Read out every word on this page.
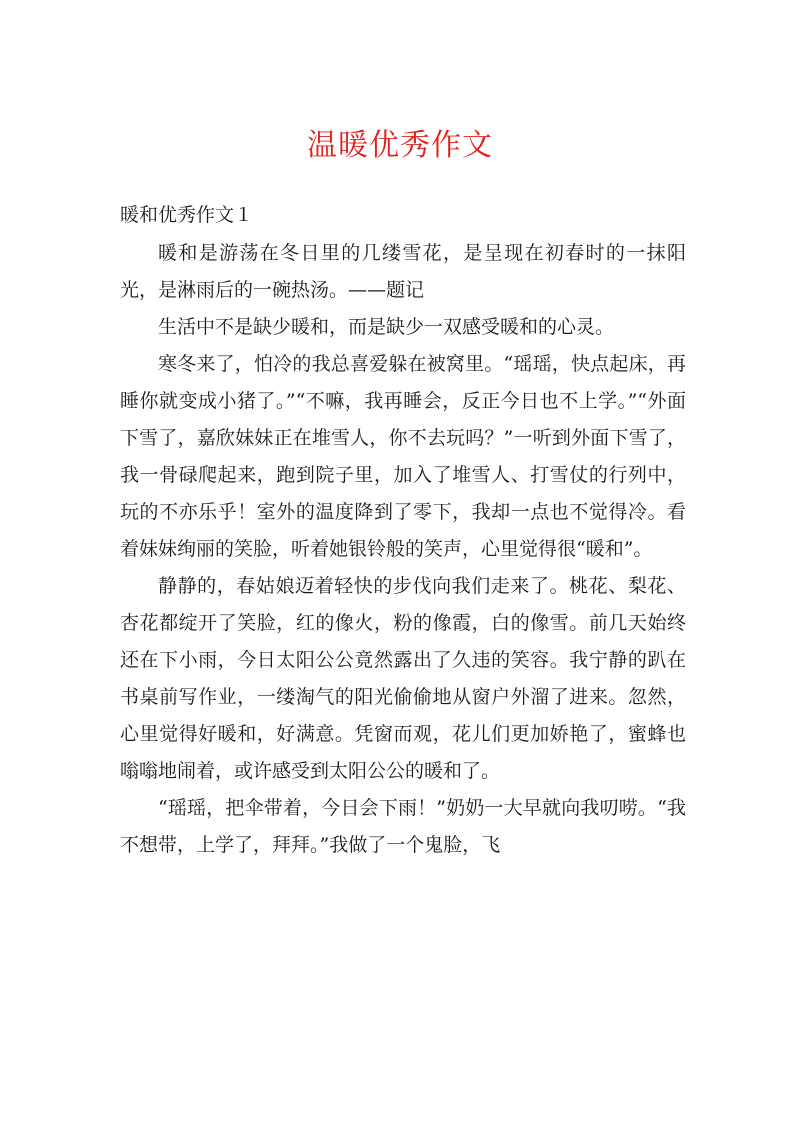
温暖优秀作文

暖和优秀作文１

暖和是游荡在冬日里的几缕雪花，是呈现在初春时的一抹阳光，是淋雨后的一碗热汤。——题记

生活中不是缺少暖和，而是缺少一双感受暖和的心灵。

寒冬来了，怕冷的我总喜爱躲在被窝里。“瑶瑶，快点起床，再睡你就变成小猪了。”“不嘛，我再睡会，反正今日也不上学。”“外面下雪了，嘉欣妹妹正在堆雪人，你不去玩吗？”一听到外面下雪了，我一骨碌爬起来，跑到院子里，加入了堆雪人、打雪仗的行列中，玩的不亦乐乎！室外的温度降到了零下，我却一点也不觉得冷。看着妹妹绚丽的笑脸，听着她银铃般的笑声，心里觉得很“暖和”。

静静的，春姑娘迈着轻快的步伐向我们走来了。桃花、梨花、杏花都绽开了笑脸，红的像火，粉的像霞，白的像雪。前几天始终还在下小雨，今日太阳公公竟然露出了久违的笑容。我宁静的趴在书桌前写作业，一缕淘气的阳光偷偷地从窗户外溜了进来。忽然，心里觉得好暖和，好满意。凭窗而观，花儿们更加娇艳了，蜜蜂也嗡嗡地闹着，或许感受到太阳公公的暖和了。

“瑶瑶，把伞带着，今日会下雨！”奶奶一大早就向我叨唠。“我不想带，上学了，拜拜。”我做了一个鬼脸，飞
